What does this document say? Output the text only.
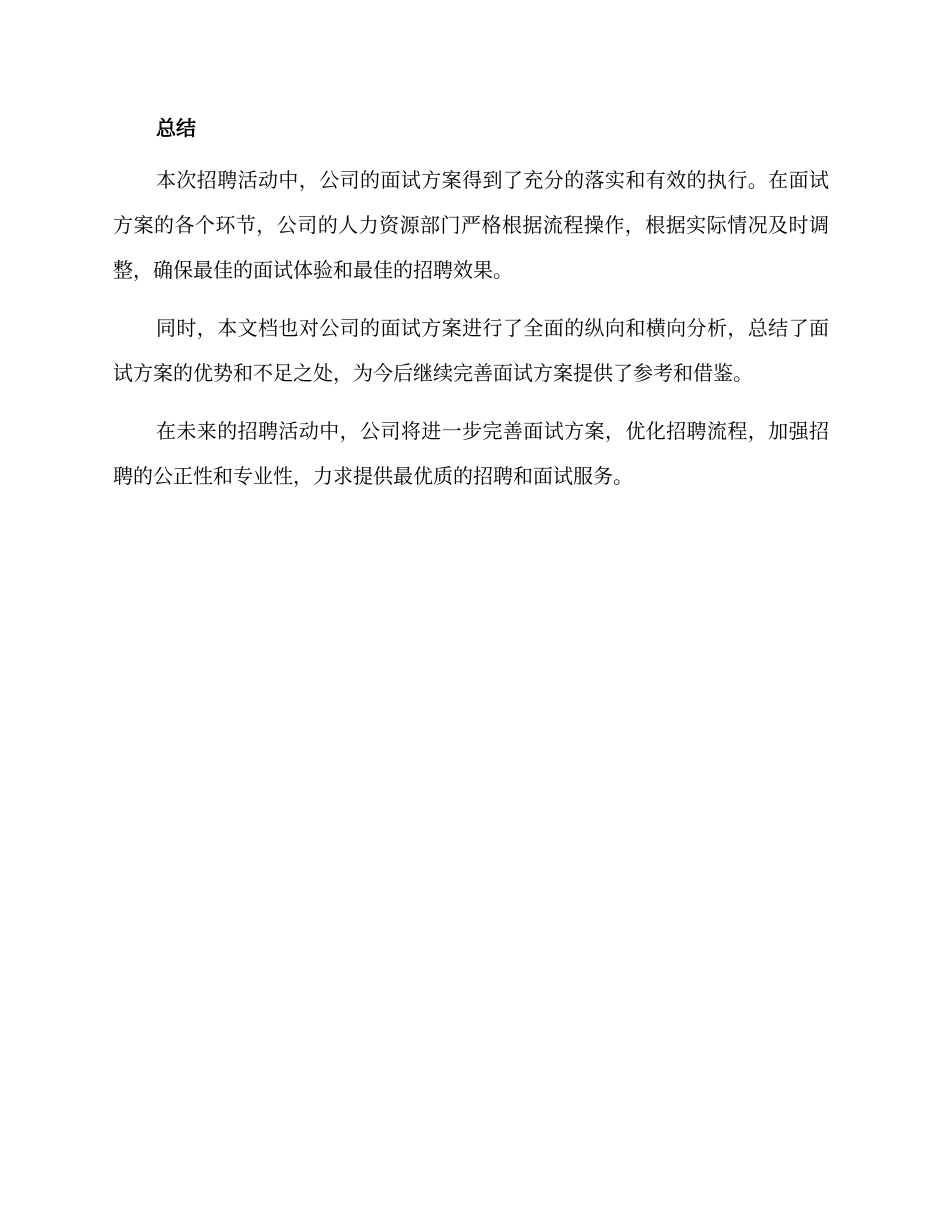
总结

本次招聘活动中，公司的面试方案得到了充分的落实和有效的执行。在面试方案的各个环节，公司的人力资源部门严格根据流程操作，根据实际情况及时调整，确保最佳的面试体验和最佳的招聘效果。

同时，本文档也对公司的面试方案进行了全面的纵向和横向分析，总结了面试方案的优势和不足之处，为今后继续完善面试方案提供了参考和借鉴。

在未来的招聘活动中，公司将进一步完善面试方案，优化招聘流程，加强招聘的公正性和专业性，力求提供最优质的招聘和面试服务。
